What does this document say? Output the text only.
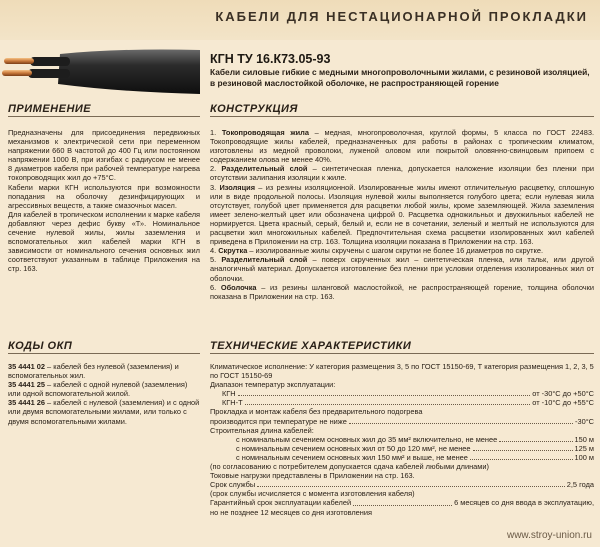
КАБЕЛИ ДЛЯ НЕСТАЦИОНАРНОЙ ПРОКЛАДКИ
КГН ТУ 16.К73.05-93
Кабели силовые гибкие с медными многопроволочными жилами, с резиновой изоляцией, в резиновой маслостойкой оболочке, не распространяющей горение
ПРИМЕНЕНИЕ

Предназначены для присоединения передвижных механизмов к электрической сети при переменном напряжении 660 В частотой до 400 Гц или постоянном напряжении 1000 В, при изгибах с радиусом не менее 8 диаметров кабеля при рабочей температуре нагрева токопроводящих жил до +75°С.

Кабели марки КГН используются при возможности попадания на оболочку дезинфицирующих и агрессивных веществ, а также смазочных масел.

Для кабелей в тропическом исполнении к марке кабеля добавляют через дефис букву «Т». Номинальное сечение нулевой жилы, жилы заземления и вспомогательных жил кабелей марки КГН в зависимости от номинального сечения основных жил соответствуют указанным в таблице Приложения на стр. 163.

КОНСТРУКЦИЯ

1. Токопроводящая жила – медная, многопроволочная, круглой формы, 5 класса по ГОСТ 22483. Токопроводящие жилы кабелей, предназначенных для работы в районах с тропическим климатом, изготовлены из медной проволоки, луженой оловом или покрытой оловянно-свинцовым припоем с содержанием олова не менее 40%.

2. Разделительный слой – синтетическая пленка, допускается наложение изоляции без пленки при отсутствии залипания изоляции к жиле.

3. Изоляция – из резины изоляционной. Изолированные жилы имеют отличительную расцветку, сплошную или в виде продольной полосы. Изоляция нулевой жилы выполняется голубого цвета; если нулевая жила отсутствует, голубой цвет применяется для расцветки любой жилы, кроме заземляющей. Жила заземления имеет зелено-желтый цвет или обозначена цифрой 0. Расцветка одножильных и двухжильных кабелей не нормируется. Цвета красный, серый, белый и, если не в сочетании, зеленый и желтый не используются для расцветки жил многожильных кабелей. Предпочтительная схема расцветки изолированных жил кабелей приведена в Приложении на стр. 163. Толщина изоляции показана в Приложении на стр. 163.

4. Скрутка – изолированные жилы скручены с шагом скрутки не более 16 диаметров по скрутке.

5. Разделительный слой – поверх скрученных жил – синтетическая пленка, или тальк, или другой аналогичный материал. Допускается изготовление без пленки при условии отделения изолированных жил от оболочки.

6. Оболочка – из резины шланговой маслостойкой, не распространяющей горение, толщина оболочки показана в Приложении на стр. 163.

КОДЫ ОКП

35 4441 02 – кабелей без нулевой (заземления) и вспомогательных жил.

35 4441 25 – кабелей с одной нулевой (заземления) или одной вспомогательной жилой.

35 4441 26 – кабелей с нулевой (заземления) и с одной или двумя вспомогательными жилами, или только с двумя вспомогательными жилами.

ТЕХНИЧЕСКИЕ ХАРАКТЕРИСТИКИ

Климатическое исполнение: У категория размещения 3, 5 по ГОСТ 15150-69, Т категория размещения 1, 2, 3, 5 по ГОСТ 15150-69

Диапазон температур эксплуатации:

КГН	от -30°С до +50°С
КГН-Т	от -10°С до +55°С

Прокладка и монтаж кабеля без предварительного подогрева

производится при температуре не ниже	-30°С

Строительная длина кабелей:

с номинальным сечением основных жил до 35 мм² включительно, не менее	150 м
с номинальным сечением основных жил от 50 до 120 мм², не менее	125 м
с номинальным сечением основных жил 150 мм² и выше, не менее	100 м

(по согласованию с потребителем допускается сдача кабелей любыми длинами)

Токовые нагрузки представлены в Приложении на стр. 163.

Срок службы	2,5 года

(срок службы исчисляется с момента изготовления кабеля)

Гарантийный срок эксплуатации кабелей	6 месяцев со дня ввода в эксплуатацию,

но не позднее 12 месяцев со дня изготовления

www.stroy-union.ru
